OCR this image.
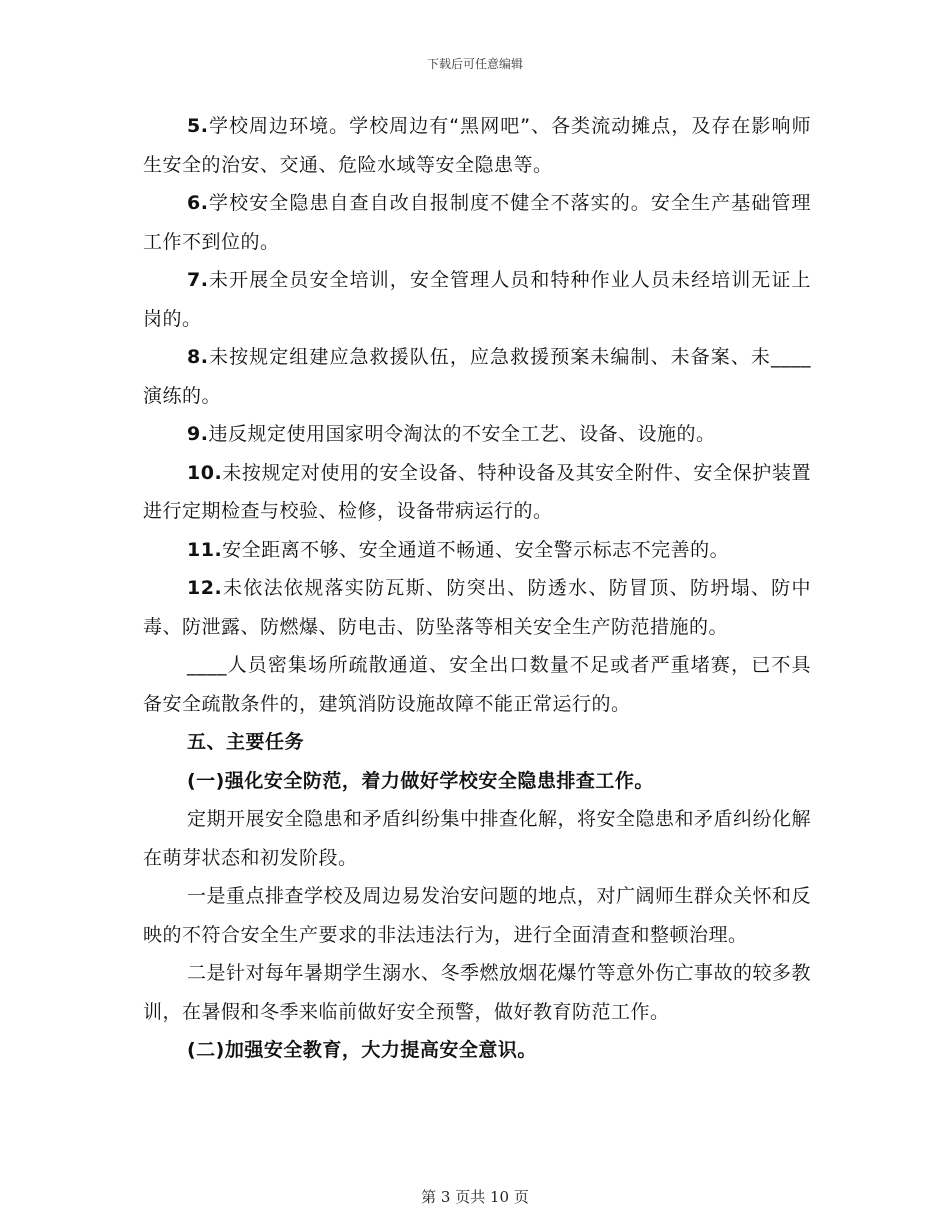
下载后可任意编辑

5.学校周边环境。学校周边有“黑网吧”、各类流动摊点，及存在影响师生安全的治安、交通、危险水域等安全隐患等。

6.学校安全隐患自查自改自报制度不健全不落实的。安全生产基础管理工作不到位的。

7.未开展全员安全培训，安全管理人员和特种作业人员未经培训无证上岗的。

8.未按规定组建应急救援队伍，应急救援预案未编制、未备案、未____演练的。

9.违反规定使用国家明令淘汰的不安全工艺、设备、设施的。

10.未按规定对使用的安全设备、特种设备及其安全附件、安全保护装置进行定期检查与校验、检修，设备带病运行的。

11.安全距离不够、安全通道不畅通、安全警示标志不完善的。

12.未依法依规落实防瓦斯、防突出、防透水、防冒顶、防坍塌、防中毒、防泄露、防燃爆、防电击、防坠落等相关安全生产防范措施的。

____人员密集场所疏散通道、安全出口数量不足或者严重堵赛，已不具备安全疏散条件的，建筑消防设施故障不能正常运行的。

五、主要任务

(一)强化安全防范，着力做好学校安全隐患排查工作。

定期开展安全隐患和矛盾纠纷集中排查化解，将安全隐患和矛盾纠纷化解在萌芽状态和初发阶段。

一是重点排查学校及周边易发治安问题的地点，对广阔师生群众关怀和反映的不符合安全生产要求的非法违法行为，进行全面清查和整顿治理。

二是针对每年暑期学生溺水、冬季燃放烟花爆竹等意外伤亡事故的较多教训，在暑假和冬季来临前做好安全预警，做好教育防范工作。

(二)加强安全教育，大力提高安全意识。

第 3 页共 10 页
